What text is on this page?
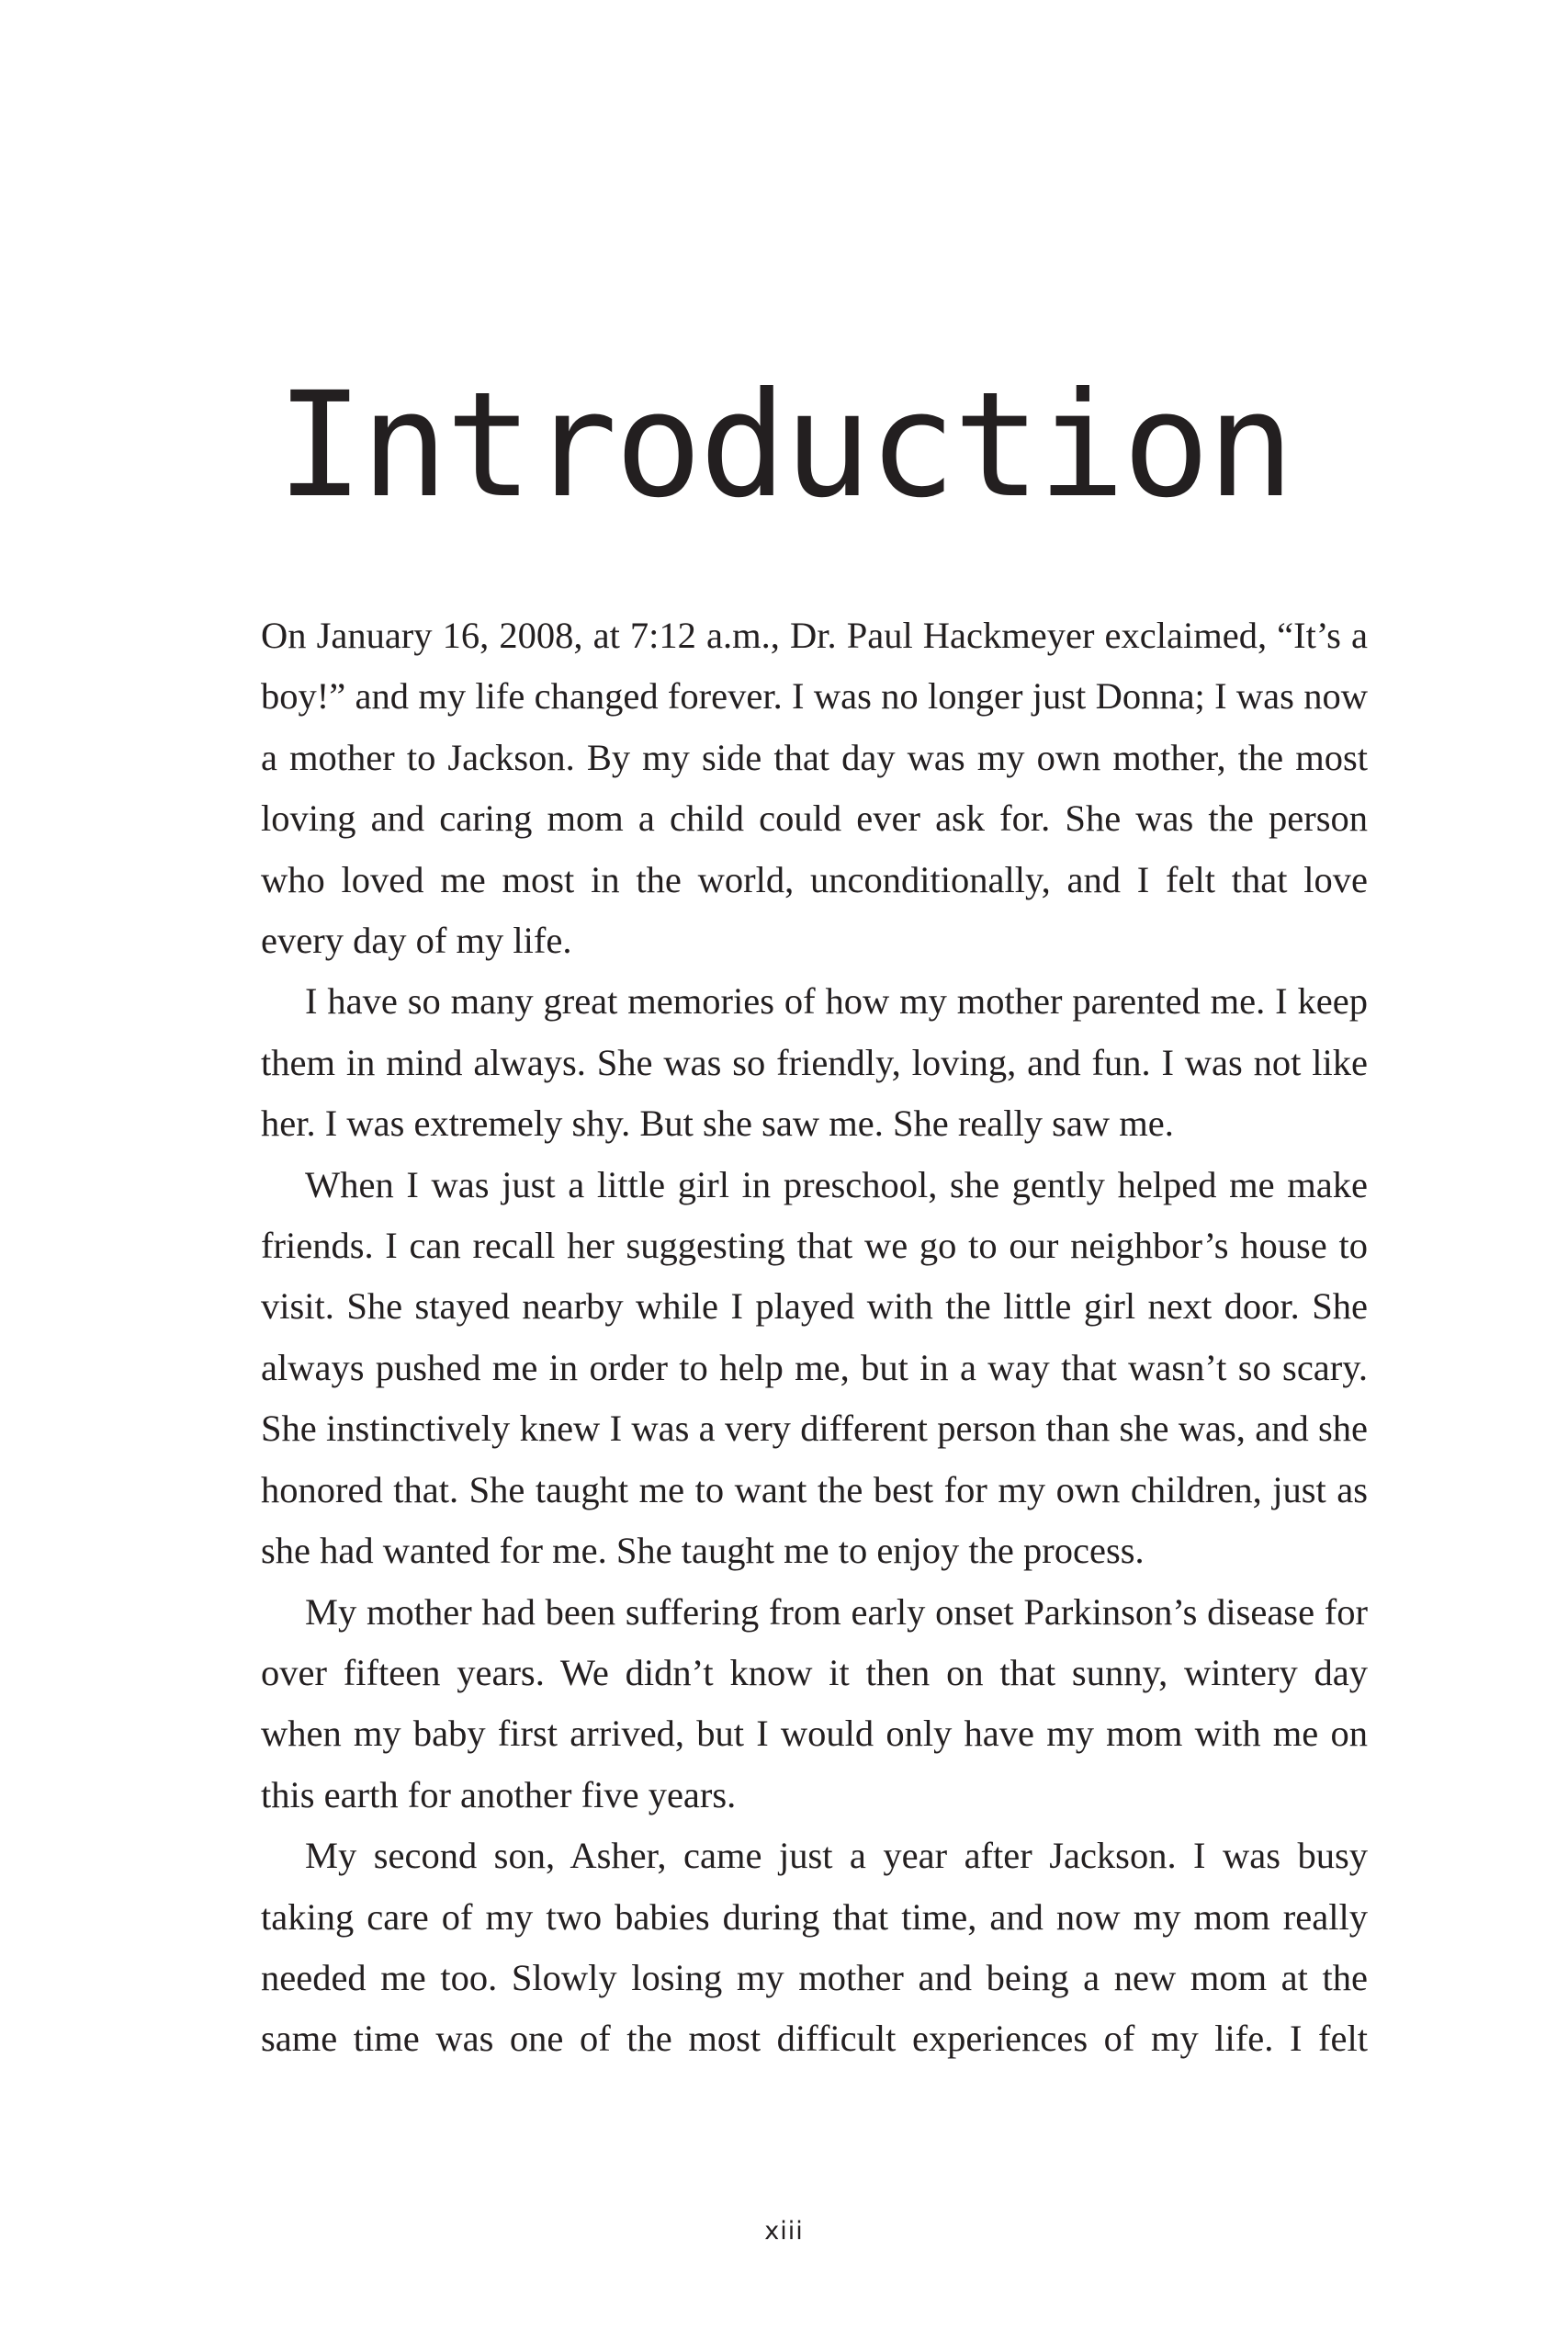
Introduction

On January 16, 2008, at 7:12 a.m., Dr. Paul Hackmeyer exclaimed, “It’s a boy!” and my life changed forever. I was no longer just Donna; I was now a mother to Jackson. By my side that day was my own mother, the most loving and caring mom a child could ever ask for. She was the person who loved me most in the world, unconditionally, and I felt that love every day of my life.

I have so many great memories of how my mother parented me. I keep them in mind always. She was so friendly, loving, and fun. I was not like her. I was extremely shy. But she saw me. She really saw me.

When I was just a little girl in preschool, she gently helped me make friends. I can recall her suggesting that we go to our neighbor’s house to visit. She stayed nearby while I played with the little girl next door. She always pushed me in order to help me, but in a way that wasn’t so scary. She instinctively knew I was a very different person than she was, and she honored that. She taught me to want the best for my own children, just as she had wanted for me. She taught me to enjoy the process.

My mother had been suffering from early onset Parkinson’s disease for over fifteen years. We didn’t know it then on that sunny, wintery day when my baby first arrived, but I would only have my mom with me on this earth for another five years.

My second son, Asher, came just a year after Jackson. I was busy taking care of my two babies during that time, and now my mom really needed me too. Slowly losing my mother and being a new mom at the same time was one of the most difficult experiences of my life. I felt

xiii
